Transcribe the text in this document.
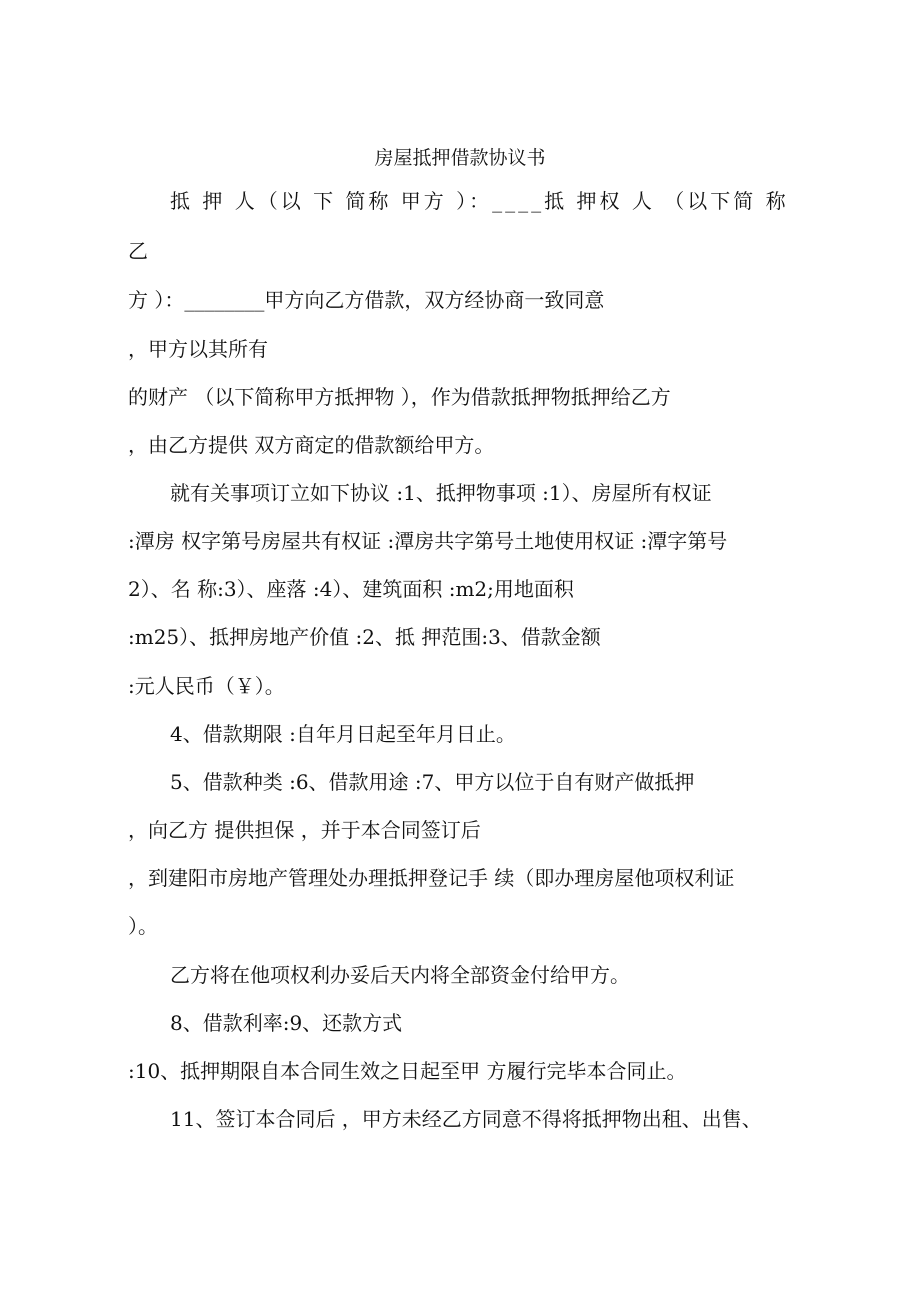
房屋抵押借款协议书
抵 押 人（以 下 简称 甲方 ）：____抵 押权 人 （以下简 称
乙
方 ）：________甲方向乙方借款，双方经协商一致同意
，甲方以其所有
的财产 （以下简称甲方抵押物 ），作为借款抵押物抵押给乙方
，由乙方提供 双方商定的借款额给甲方。
就有关事项订立如下协议 :1、抵押物事项 :1）、房屋所有权证
:潭房 权字第号房屋共有权证 :潭房共字第号土地使用权证 :潭字第号
2）、名 称:3）、座落 :4）、建筑面积 :m2;用地面积
:m25）、抵押房地产价值 :2、抵 押范围:3、借款金额
:元人民币（￥）。
4、借款期限 :自年月日起至年月日止。
5、借款种类 :6、借款用途 :7、甲方以位于自有财产做抵押
，向乙方 提供担保 ，并于本合同签订后
，到建阳市房地产管理处办理抵押登记手 续（即办理房屋他项权利证
）。
乙方将在他项权利办妥后天内将全部资金付给甲方。
8、借款利率:9、还款方式
:10、抵押期限自本合同生效之日起至甲 方履行完毕本合同止。
11、签订本合同后 ，甲方未经乙方同意不得将抵押物出租、出售、
